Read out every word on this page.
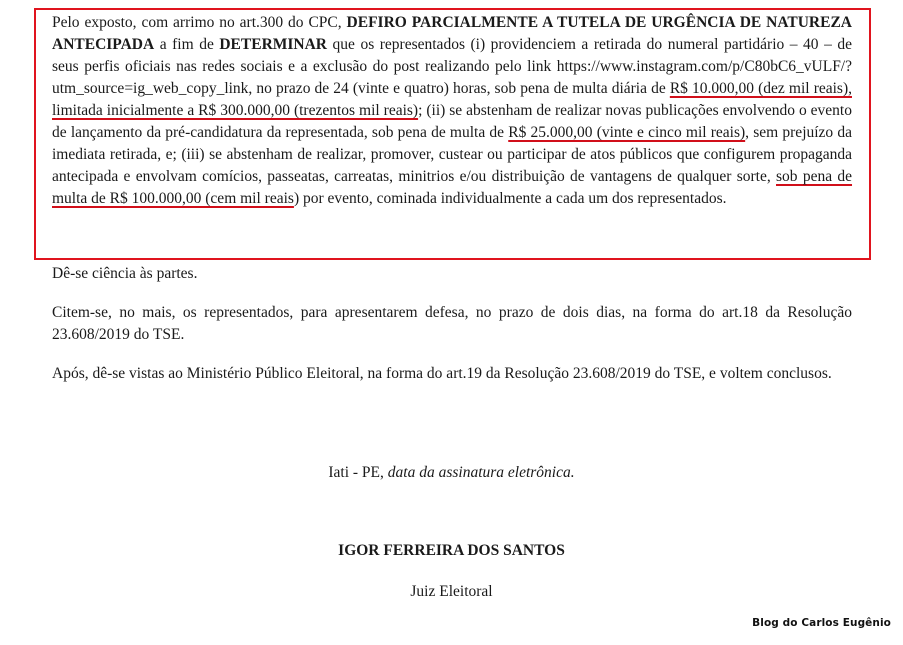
Pelo exposto, com arrimo no art.300 do CPC, DEFIRO PARCIALMENTE A TUTELA DE URGÊNCIA DE NATUREZA ANTECIPADA a fim de DETERMINAR que os representados (i) providenciem a retirada do numeral partidário – 40 – de seus perfis oficiais nas redes sociais e a exclusão do post realizando pelo link https://www.instagram.com/p/C80bC6_vULF/?utm_source=ig_web_copy_link, no prazo de 24 (vinte e quatro) horas, sob pena de multa diária de R$ 10.000,00 (dez mil reais), limitada inicialmente a R$ 300.000,00 (trezentos mil reais); (ii) se abstenham de realizar novas publicações envolvendo o evento de lançamento da pré-candidatura da representada, sob pena de multa de R$ 25.000,00 (vinte e cinco mil reais), sem prejuízo da imediata retirada, e; (iii) se abstenham de realizar, promover, custear ou participar de atos públicos que configurem propaganda antecipada e envolvam comícios, passeatas, carreatas, minitrios e/ou distribuição de vantagens de qualquer sorte, sob pena de multa de R$ 100.000,00 (cem mil reais) por evento, cominada individualmente a cada um dos representados.
Dê-se ciência às partes.
Citem-se, no mais, os representados, para apresentarem defesa, no prazo de dois dias, na forma do art.18 da Resolução 23.608/2019 do TSE.
Após, dê-se vistas ao Ministério Público Eleitoral, na forma do art.19 da Resolução 23.608/2019 do TSE, e voltem conclusos.
Iati - PE, data da assinatura eletrônica.
IGOR FERREIRA DOS SANTOS
Juiz Eleitoral
Blog do Carlos Eugênio
